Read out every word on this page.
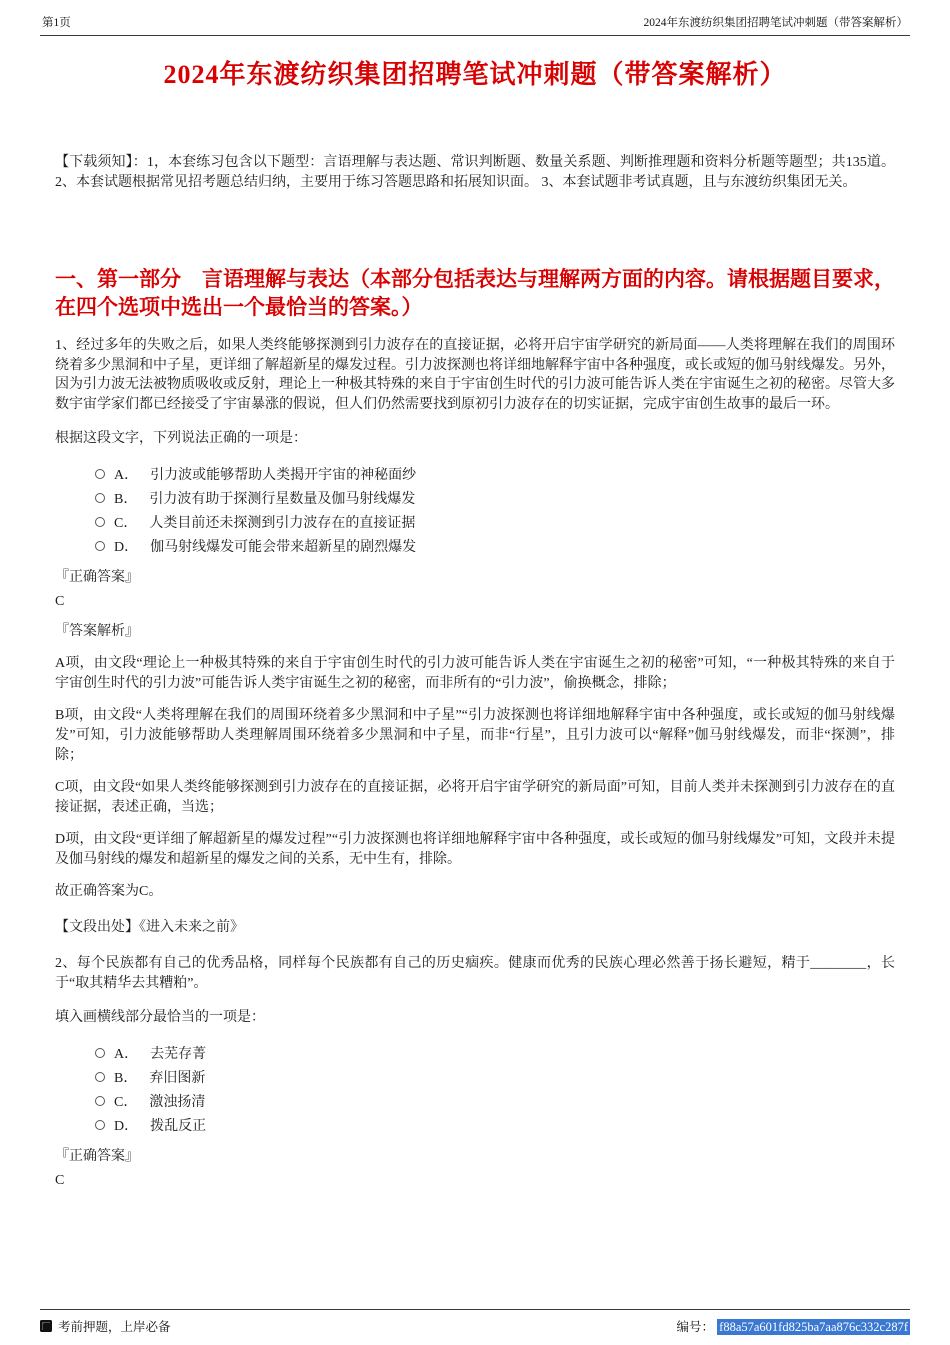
第1页	2024年东渡纺织集团招聘笔试冲刺题（带答案解析）
2024年东渡纺织集团招聘笔试冲刺题（带答案解析）

【下载须知】：1，本套练习包含以下题型：言语理解与表达题、常识判断题、数量关系题、判断推理题和资料分析题等题型；共135道。2、本套试题根据常见招考题总结归纳，主要用于练习答题思路和拓展知识面。 3、本套试题非考试真题，且与东渡纺织集团无关。

一、第一部分　言语理解与表达（本部分包括表达与理解两方面的内容。请根据题目要求，在四个选项中选出一个最恰当的答案。）

1、经过多年的失败之后，如果人类终能够探测到引力波存在的直接证据，必将开启宇宙学研究的新局面——人类将理解在我们的周围环绕着多少黑洞和中子星，更详细了解超新星的爆发过程。引力波探测也将详细地解释宇宙中各种强度，或长或短的伽马射线爆发。另外，因为引力波无法被物质吸收或反射，理论上一种极其特殊的来自于宇宙创生时代的引力波可能告诉人类在宇宙诞生之初的秘密。尽管大多数宇宙学家们都已经接受了宇宙暴涨的假说，但人们仍然需要找到原初引力波存在的切实证据，完成宇宙创生故事的最后一环。

根据这段文字，下列说法正确的一项是：

A． 引力波或能够帮助人类揭开宇宙的神秘面纱
B． 引力波有助于探测行星数量及伽马射线爆发
C． 人类目前还未探测到引力波存在的直接证据
D． 伽马射线爆发可能会带来超新星的剧烈爆发

『正确答案』

C

『答案解析』

A项，由文段“理论上一种极其特殊的来自于宇宙创生时代的引力波可能告诉人类在宇宙诞生之初的秘密”可知，“一种极其特殊的来自于宇宙创生时代的引力波”可能告诉人类宇宙诞生之初的秘密，而非所有的“引力波”，偷换概念，排除；

B项，由文段“人类将理解在我们的周围环绕着多少黑洞和中子星”“引力波探测也将详细地解释宇宙中各种强度，或长或短的伽马射线爆发”可知，引力波能够帮助人类理解周围环绕着多少黑洞和中子星，而非“行星”，且引力波可以“解释”伽马射线爆发，而非“探测”，排除；

C项，由文段“如果人类终能够探测到引力波存在的直接证据，必将开启宇宙学研究的新局面”可知，目前人类并未探测到引力波存在的直接证据，表述正确，当选；

D项，由文段“更详细了解超新星的爆发过程”“引力波探测也将详细地解释宇宙中各种强度，或长或短的伽马射线爆发”可知，文段并未提及伽马射线的爆发和超新星的爆发之间的关系，无中生有，排除。

故正确答案为C。

【文段出处】《进入未来之前》

2、每个民族都有自己的优秀品格，同样每个民族都有自己的历史痼疾。健康而优秀的民族心理必然善于扬长避短，精于________，长于“取其精华去其糟粕”。

填入画横线部分最恰当的一项是：

A． 去芜存菁
B． 弃旧图新
C． 激浊扬清
D． 拨乱反正

『正确答案』

C

考前押题，上岸必备	编号： f88a57a601fd825ba7aa876c332c287f
